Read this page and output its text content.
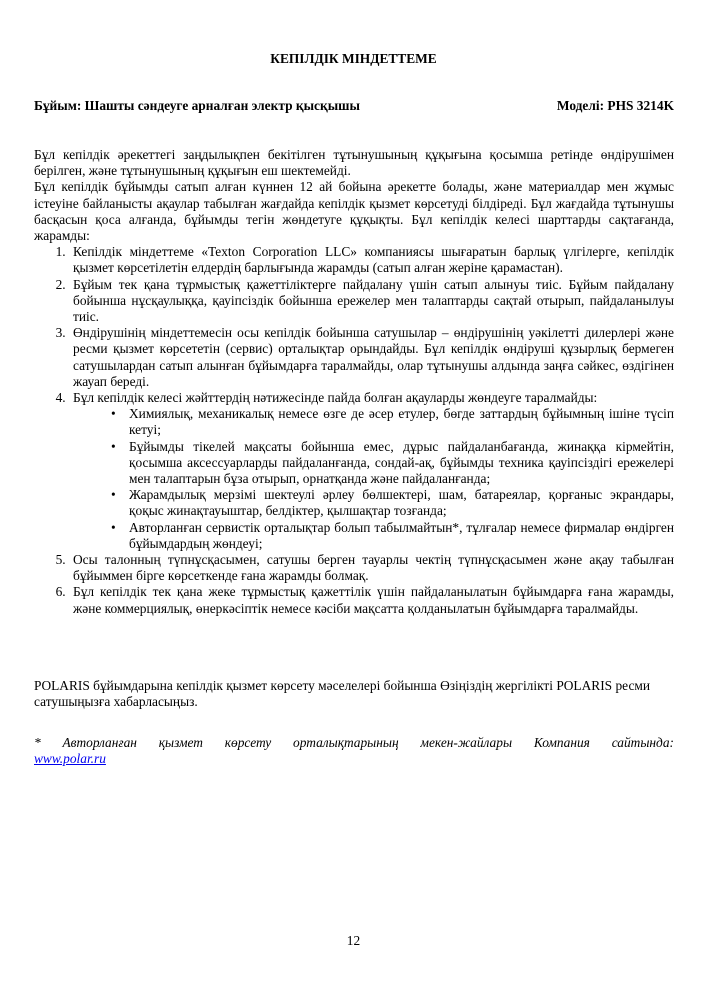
КЕПІЛДІК МІНДЕТТЕМЕ
Бұйым: Шашты сәндеуге арналған электр қысқышы	Моделі: PHS 3214K

Бұл кепілдік әрекеттегі заңдылықпен бекітілген тұтынушының құқығына қосымша ретінде өндірушімен берілген, және тұтынушының құқығын еш шектемейді.

Бұл кепілдік бұйымды сатып алған күннен 12 ай бойына әрекетте болады, және материалдар мен жұмыс істеуіне байланысты ақаулар табылған жағдайда кепілдік қызмет көрсетуді білдіреді. Бұл жағдайда тұтынушы басқасын қоса алғанда, бұйымды тегін жөндетуге құқықты. Бұл кепілдік келесі шарттарды сақтағанда, жарамды:

1. Кепілдік міндеттеме «Texton Corporation LLC» компаниясы шығаратын барлық үлгілерге, кепілдік қызмет көрсетілетін елдердің барлығында жарамды (сатып алған жеріне қарамастан).
2. Бұйым тек қана тұрмыстық қажеттіліктерге пайдалану үшін сатып алынуы тиіс. Бұйым пайдалану бойынша нұсқаулыққа, қауіпсіздік бойынша ережелер мен талаптарды сақтай отырып, пайдаланылуы тиіс.
3. Өндірушінің міндеттемесін осы кепілдік бойынша сатушылар – өндірушінің уәкілетті дилерлері және ресми қызмет көрсететін (сервис) орталықтар орындайды. Бұл кепілдік өндіруші құзырлық бермеген сатушылардан сатып алынған бұйымдарға таралмайды, олар тұтынушы алдында заңға сәйкес, өздігінен жауап береді.
4. Бұл кепілдік келесі жәйттердің нәтижесінде пайда болған ақауларды жөндеуге таралмайды:
• Химиялық, механикалық немесе өзге де әсер етулер, бөгде заттардың бұйымның ішіне түсіп кетуі;
• Бұйымды тікелей мақсаты бойынша емес, дұрыс пайдаланбағанда, жинаққа кірмейтін, қосымша аксессуарларды пайдаланғанда, сондай-ақ, бұйымды техника қауіпсіздігі ережелері мен талаптарын бұза отырып, орнатқанда және пайдаланғанда;
• Жарамдылық мерзімі шектеулі әрлеу бөлшектері, шам, батареялар, қорғаныс экрандары, қоқыс жинақтауыштар, белдіктер, қылшақтар тозғанда;
• Авторланған сервистік орталықтар болып табылмайтын*, тұлғалар немесе фирмалар өндірген бұйымдардың жөндеуі;
5. Осы талонның түпнұсқасымен, сатушы берген тауарлы чектің түпнұсқасымен және ақау табылған бұйыммен бірге көрсеткенде ғана жарамды болмақ.
6. Бұл кепілдік тек қана жеке тұрмыстық қажеттілік үшін пайдаланылатын бұйымдарға ғана жарамды, және коммерциялық, өнеркәсіптік немесе кәсіби мақсатта қолданылатын бұйымдарға таралмайды.

POLARIS бұйымдарына кепілдік қызмет көрсету мәселелері бойынша Өзіңіздің жергілікті POLARIS ресми сатушыңызға хабарласыңыз.

* Авторланған қызмет көрсету орталықтарының мекен-жайлары Компания сайтында:
www.polar.ru
12
